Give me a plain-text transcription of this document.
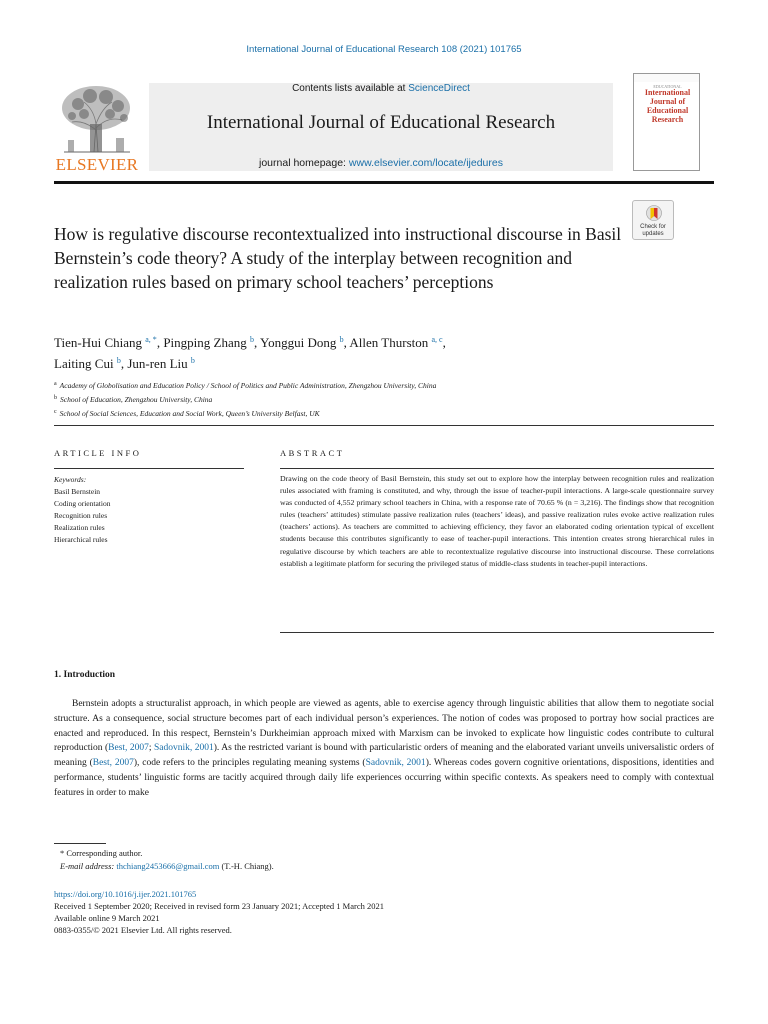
International Journal of Educational Research 108 (2021) 101765
Contents lists available at ScienceDirect
International Journal of Educational Research
journal homepage: www.elsevier.com/locate/ijedures
ELSEVIER
EDUCATIONAL
International Journal of Educational Research
Check for updates
How is regulative discourse recontextualized into instructional discourse in Basil Bernstein’s code theory? A study of the interplay between recognition and realization rules based on primary school teachers’ perceptions
Tien-Hui Chiang $^{a, *}$, Pingping Zhang $^b$, Yonggui Dong $^b$, Allen Thurston $^{a, c}$,
Laiting Cui $^b$, Jun-ren Liu $^b$
$^a$ Academy of Globolisation and Education Policy / School of Politics and Public Administration, Zhengzhou University, China
$^b$ School of Education, Zhengzhou University, China
$^c$ School of Social Sciences, Education and Social Work, Queen’s University Belfast, UK
ARTICLE INFO	ABSTRACT
Keywords:
Basil Bernstein
Coding orientation
Recognition rules
Realization rules
Hierarchical rules
Drawing on the code theory of Basil Bernstein, this study set out to explore how the interplay between recognition rules and realization rules associated with framing is constituted, and why, through the issue of teacher-pupil interactions. A large-scale questionnaire survey was conducted of 4,552 primary school teachers in China, with a response rate of 70.65 % (n = 3,216). The findings show that recognition rules (teachers’ attitudes) stimulate passive realization rules (teachers’ ideas), and passive realization rules evoke active realization rules (teachers’ actions). As teachers are committed to achieving efficiency, they favor an elaborated coding orientation typical of excellent students because this contributes significantly to ease of teacher-pupil interactions. This intention creates strong hierarchical rules in regulative discourse by which teachers are able to recontextualize regulative discourse into instructional discourse. These correlations establish a legitimate platform for securing the privileged status of middle-class students in teacher-pupil interactions.
1. Introduction
Bernstein adopts a structuralist approach, in which people are viewed as agents, able to exercise agency through linguistic abilities that allow them to negotiate social structure. As a consequence, social structure becomes part of each individual person’s experiences. The notion of codes was proposed to portray how social practices are enacted and reproduced. In this respect, Bernstein’s Durkheimian approach mixed with Marxism can be invoked to explicate how linguistic codes contribute to cultural reproduction (Best, 2007; Sadovnik, 2001). As the restricted variant is bound with particularistic orders of meaning and the elaborated variant unveils universalistic orders of meaning (Best, 2007), code refers to the principles regulating meaning systems (Sadovnik, 2001). Whereas codes govern cognitive orientations, dispositions, identities and performance, students’ linguistic forms are tacitly acquired through daily life experiences occurring within specific contexts. As speakers need to comply with contextual features in order to make
* Corresponding author.
E-mail address: thchiang2453666@gmail.com (T.-H. Chiang).
https://doi.org/10.1016/j.ijer.2021.101765
Received 1 September 2020; Received in revised form 23 January 2021; Accepted 1 March 2021
Available online 9 March 2021
0883-0355/© 2021 Elsevier Ltd. All rights reserved.
